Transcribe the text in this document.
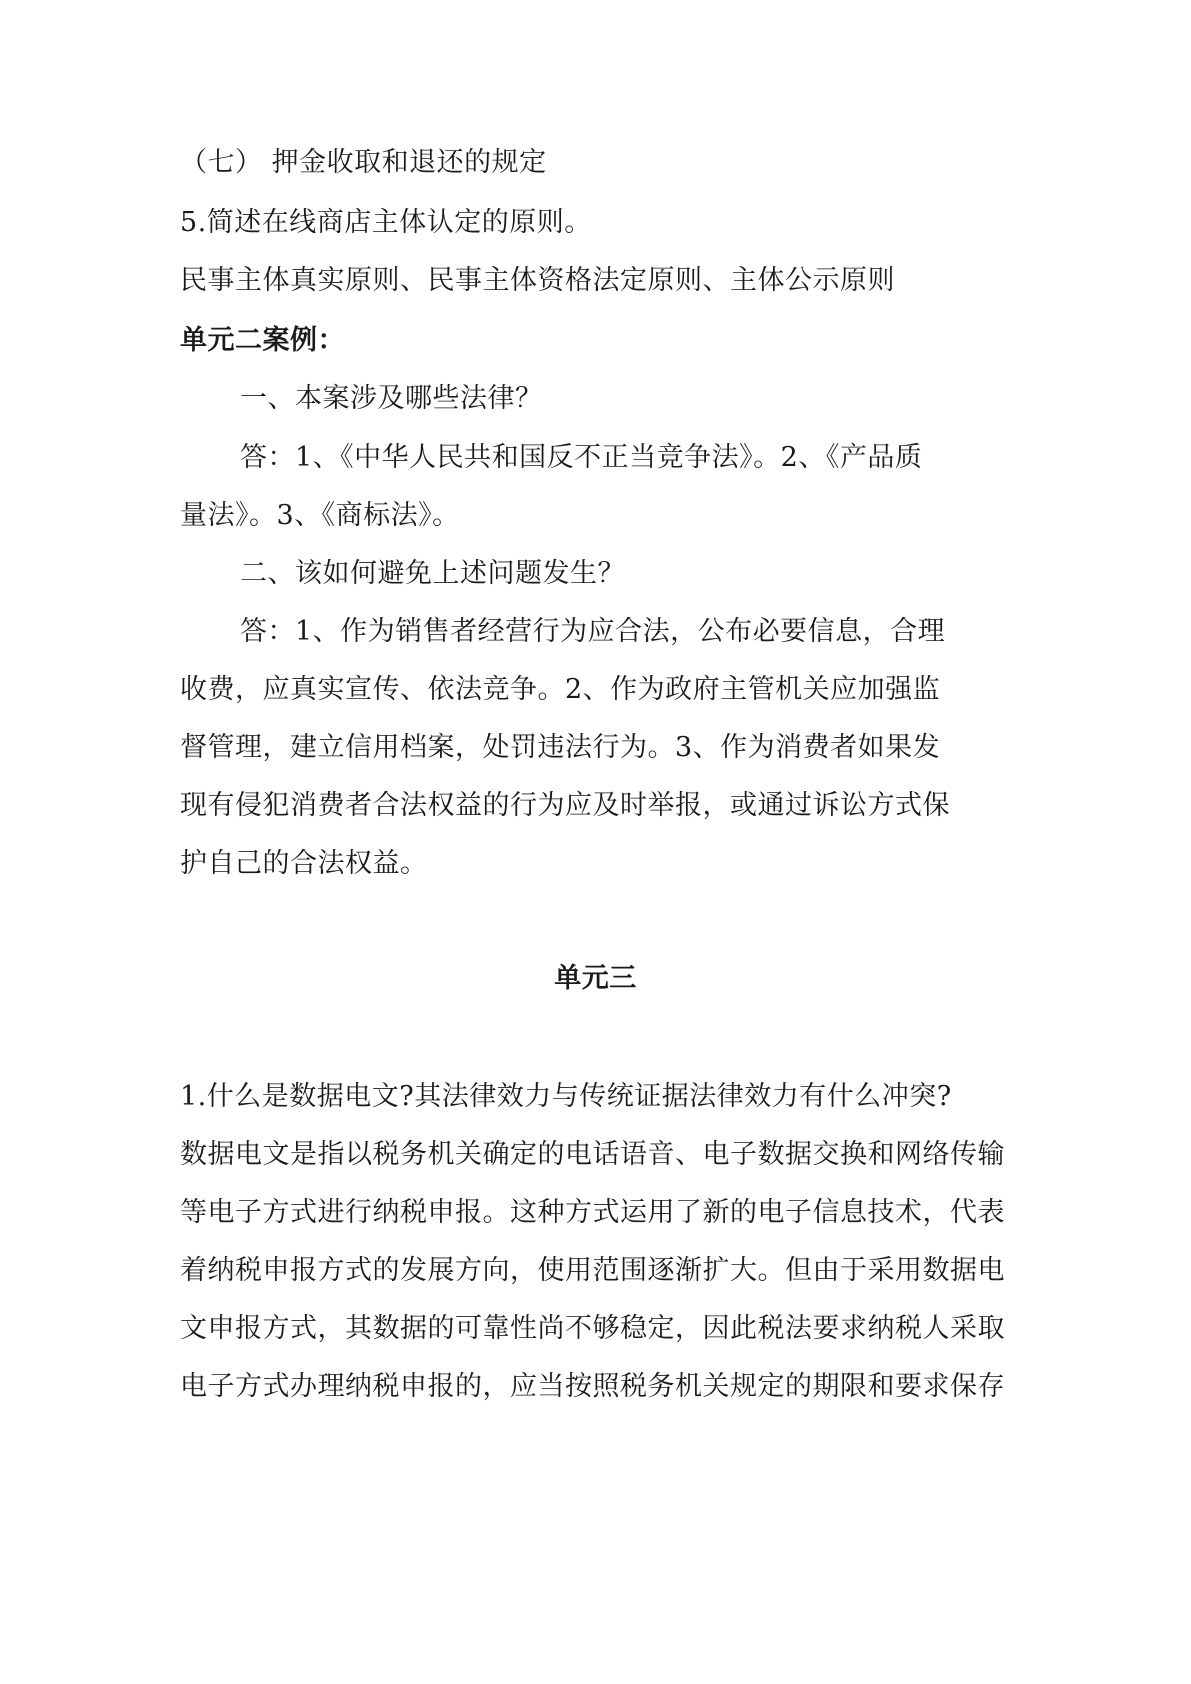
（七） 押金收取和退还的规定
5.简述在线商店主体认定的原则。
民事主体真实原则、民事主体资格法定原则、主体公示原则
单元二案例：
一、本案涉及哪些法律？
答：1、《中华人民共和国反不正当竞争法》。2、《产品质
量法》。3、《商标法》。
二、该如何避免上述问题发生？
答：1、作为销售者经营行为应合法，公布必要信息，合理
收费，应真实宣传、依法竞争。2、作为政府主管机关应加强监
督管理，建立信用档案，处罚违法行为。3、作为消费者如果发
现有侵犯消费者合法权益的行为应及时举报，或通过诉讼方式保
护自己的合法权益。
单元三
1.什么是数据电文?其法律效力与传统证据法律效力有什么冲突?
数据电文是指以税务机关确定的电话语音、电子数据交换和网络传输
等电子方式进行纳税申报。这种方式运用了新的电子信息技术，代表
着纳税申报方式的发展方向，使用范围逐渐扩大。但由于采用数据电
文申报方式，其数据的可靠性尚不够稳定，因此税法要求纳税人采取
电子方式办理纳税申报的，应当按照税务机关规定的期限和要求保存
